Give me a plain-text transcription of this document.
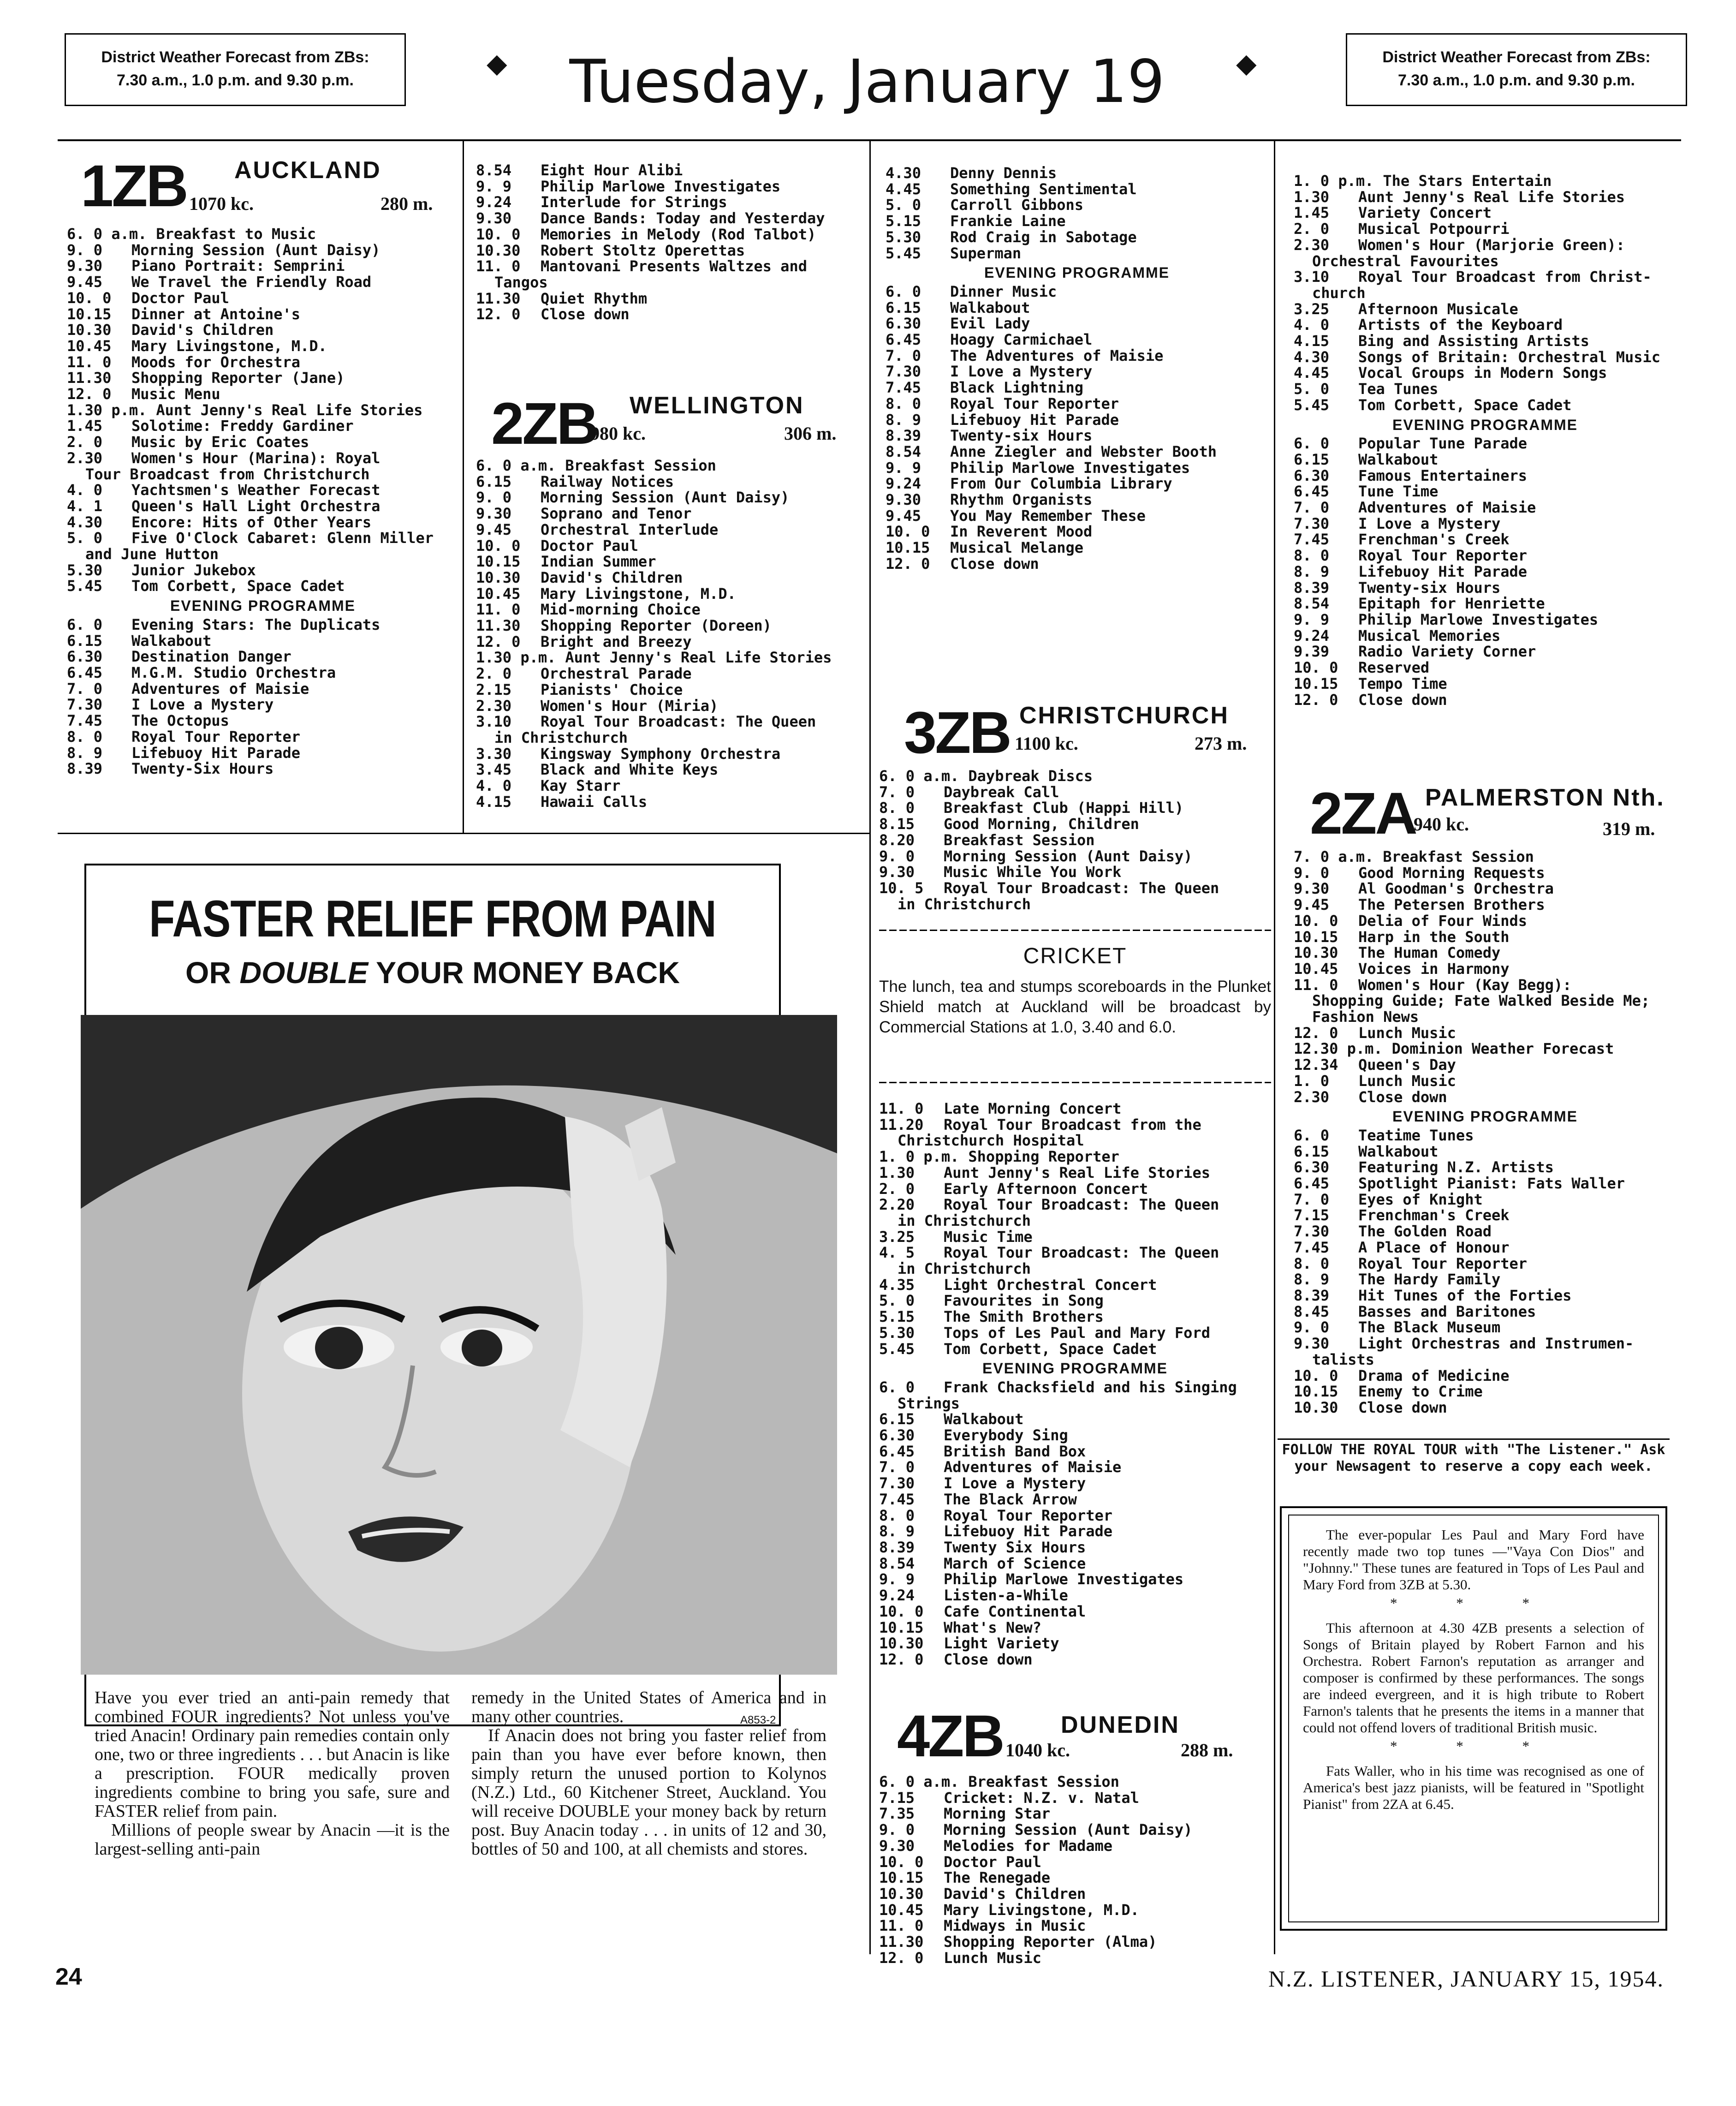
District Weather Forecast from ZBs:
7.30 a.m., 1.0 p.m. and 9.30 p.m.
◆	Tuesday, January 19	◆	District Weather Forecast from ZBs:
7.30 a.m., 1.0 p.m. and 9.30 p.m.
1ZB AUCKLAND
1070 kc.	280 m.
6. 0 a.m. Breakfast to Music
9. 0	Morning Session (Aunt Daisy)
9.30	Piano Portrait: Semprini
9.45	We Travel the Friendly Road
10. 0	Doctor Paul
10.15	Dinner at Antoine's
10.30	David's Children
10.45	Mary Livingstone, M.D.
11. 0	Moods for Orchestra
11.30	Shopping Reporter (Jane)
12. 0	Music Menu
1.30 p.m. Aunt Jenny's Real Life Stories
1.45	Solotime: Freddy Gardiner
2. 0	Music by Eric Coates
2.30	Women's Hour (Marina): Royal
Tour Broadcast from Christchurch
4. 0	Yachtsmen's Weather Forecast
4. 1	Queen's Hall Light Orchestra
4.30	Encore: Hits of Other Years
5. 0	Five O'Clock Cabaret: Glenn Miller
and June Hutton
5.30	Junior Jukebox
5.45	Tom Corbett, Space Cadet
EVENING PROGRAMME
6. 0	Evening Stars: The Duplicats
6.15	Walkabout
6.30	Destination Danger
6.45	M.G.M. Studio Orchestra
7. 0	Adventures of Maisie
7.30	I Love a Mystery
7.45	The Octopus
8. 0	Royal Tour Reporter
8. 9	Lifebuoy Hit Parade
8.39	Twenty-Six Hours
8.54	Eight Hour Alibi
9. 9	Philip Marlowe Investigates
9.24	Interlude for Strings
9.30	Dance Bands: Today and Yesterday
10. 0	Memories in Melody (Rod Talbot)
10.30	Robert Stoltz Operettas
11. 0	Mantovani Presents Waltzes and
Tangos
11.30	Quiet Rhythm
12. 0	Close down
2ZB WELLINGTON
980 kc.	306 m.
6. 0 a.m. Breakfast Session
6.15	Railway Notices
9. 0	Morning Session (Aunt Daisy)
9.30	Soprano and Tenor
9.45	Orchestral Interlude
10. 0	Doctor Paul
10.15	Indian Summer
10.30	David's Children
10.45	Mary Livingstone, M.D.
11. 0	Mid-morning Choice
11.30	Shopping Reporter (Doreen)
12. 0	Bright and Breezy
1.30 p.m. Aunt Jenny's Real Life Stories
2. 0	Orchestral Parade
2.15	Pianists' Choice
2.30	Women's Hour (Miria)
3.10	Royal Tour Broadcast: The Queen
in Christchurch
3.30	Kingsway Symphony Orchestra
3.45	Black and White Keys
4. 0	Kay Starr
4.15	Hawaii Calls
4.30	Denny Dennis
4.45	Something Sentimental
5. 0	Carroll Gibbons
5.15	Frankie Laine
5.30	Rod Craig in Sabotage
5.45	Superman
EVENING PROGRAMME
6. 0	Dinner Music
6.15	Walkabout
6.30	Evil Lady
6.45	Hoagy Carmichael
7. 0	The Adventures of Maisie
7.30	I Love a Mystery
7.45	Black Lightning
8. 0	Royal Tour Reporter
8. 9	Lifebuoy Hit Parade
8.39	Twenty-six Hours
8.54	Anne Ziegler and Webster Booth
9. 9	Philip Marlowe Investigates
9.24	From Our Columbia Library
9.30	Rhythm Organists
9.45	You May Remember These
10. 0	In Reverent Mood
10.15	Musical Melange
12. 0	Close down
3ZB CHRISTCHURCH
1100 kc.	273 m.
6. 0 a.m. Daybreak Discs
7. 0	Daybreak Call
8. 0	Breakfast Club (Happi Hill)
8.15	Good Morning, Children
8.20	Breakfast Session
9. 0	Morning Session (Aunt Daisy)
9.30	Music While You Work
10. 5	Royal Tour Broadcast: The Queen
in Christchurch
CRICKET
The lunch, tea and stumps scoreboards in the Plunket Shield match at Auckland will be broadcast by Commercial Stations at 1.0, 3.40 and 6.0.
11. 0	Late Morning Concert
11.20	Royal Tour Broadcast from the
Christchurch Hospital
1. 0 p.m. Shopping Reporter
1.30	Aunt Jenny's Real Life Stories
2. 0	Early Afternoon Concert
2.20	Royal Tour Broadcast: The Queen
in Christchurch
3.25	Music Time
4. 5	Royal Tour Broadcast: The Queen
in Christchurch
4.35	Light Orchestral Concert
5. 0	Favourites in Song
5.15	The Smith Brothers
5.30	Tops of Les Paul and Mary Ford
5.45	Tom Corbett, Space Cadet
EVENING PROGRAMME
6. 0	Frank Chacksfield and his Singing
Strings
6.15	Walkabout
6.30	Everybody Sing
6.45	British Band Box
7. 0	Adventures of Maisie
7.30	I Love a Mystery
7.45	The Black Arrow
8. 0	Royal Tour Reporter
8. 9	Lifebuoy Hit Parade
8.39	Twenty Six Hours
8.54	March of Science
9. 9	Philip Marlowe Investigates
9.24	Listen-a-While
10. 0	Cafe Continental
10.15	What's New?
10.30	Light Variety
12. 0	Close down
4ZB DUNEDIN
1040 kc.	288 m.
6. 0 a.m. Breakfast Session
7.15	Cricket: N.Z. v. Natal
7.35	Morning Star
9. 0	Morning Session (Aunt Daisy)
9.30	Melodies for Madame
10. 0	Doctor Paul
10.15	The Renegade
10.30	David's Children
10.45	Mary Livingstone, M.D.
11. 0	Midways in Music
11.30	Shopping Reporter (Alma)
12. 0	Lunch Music
1. 0 p.m. The Stars Entertain
1.30	Aunt Jenny's Real Life Stories
1.45	Variety Concert
2. 0	Musical Potpourri
2.30	Women's Hour (Marjorie Green):
Orchestral Favourites
3.10	Royal Tour Broadcast from Christ-
church
3.25	Afternoon Musicale
4. 0	Artists of the Keyboard
4.15	Bing and Assisting Artists
4.30	Songs of Britain: Orchestral Music
4.45	Vocal Groups in Modern Songs
5. 0	Tea Tunes
5.45	Tom Corbett, Space Cadet
EVENING PROGRAMME
6. 0	Popular Tune Parade
6.15	Walkabout
6.30	Famous Entertainers
6.45	Tune Time
7. 0	Adventures of Maisie
7.30	I Love a Mystery
7.45	Frenchman's Creek
8. 0	Royal Tour Reporter
8. 9	Lifebuoy Hit Parade
8.39	Twenty-six Hours
8.54	Epitaph for Henriette
9. 9	Philip Marlowe Investigates
9.24	Musical Memories
9.39	Radio Variety Corner
10. 0	Reserved
10.15	Tempo Time
12. 0	Close down
2ZA PALMERSTON Nth.
940 kc.	319 m.
7. 0 a.m. Breakfast Session
9. 0	Good Morning Requests
9.30	Al Goodman's Orchestra
9.45	The Petersen Brothers
10. 0	Delia of Four Winds
10.15	Harp in the South
10.30	The Human Comedy
10.45	Voices in Harmony
11. 0	Women's Hour (Kay Begg):
Shopping Guide; Fate Walked Beside Me;
Fashion News
12. 0	Lunch Music
12.30 p.m. Dominion Weather Forecast
12.34	Queen's Day
1. 0	Lunch Music
2.30	Close down
EVENING PROGRAMME
6. 0	Teatime Tunes
6.15	Walkabout
6.30	Featuring N.Z. Artists
6.45	Spotlight Pianist: Fats Waller
7. 0	Eyes of Knight
7.15	Frenchman's Creek
7.30	The Golden Road
7.45	A Place of Honour
8. 0	Royal Tour Reporter
8. 9	The Hardy Family
8.39	Hit Tunes of the Forties
8.45	Basses and Baritones
9. 0	The Black Museum
9.30	Light Orchestras and Instrumen-
talists
10. 0	Drama of Medicine
10.15	Enemy to Crime
10.30	Close down
FOLLOW THE ROYAL TOUR with "The Listener." Ask your Newsagent to reserve a copy each week.

The ever-popular Les Paul and Mary Ford have recently made two top tunes —"Vaya Con Dios" and "Johnny." These tunes are featured in Tops of Les Paul and Mary Ford from 3ZB at 5.30.

* * *

This afternoon at 4.30 4ZB presents a selection of Songs of Britain played by Robert Farnon and his Orchestra. Robert Farnon's reputation as arranger and composer is confirmed by these performances. The songs are indeed evergreen, and it is high tribute to Robert Farnon's talents that he presents the items in a manner that could not offend lovers of traditional British music.

* * *

Fats Waller, who in his time was recognised as one of America's best jazz pianists, will be featured in "Spotlight Pianist" from 2ZA at 6.45.

FASTER RELIEF FROM PAIN
OR DOUBLE YOUR MONEY BACK
Have you ever tried an anti-pain remedy that combined FOUR ingredients? Not unless you've tried Anacin! Ordinary pain remedies contain only one, two or three ingredients . . . but Anacin is like a prescription. FOUR medically proven ingredients combine to bring you safe, sure and FASTER relief from pain.
Millions of people swear by Anacin —it is the largest-selling anti-pain
remedy in the United States of America and in many other countries.
If Anacin does not bring you faster relief from pain than you have ever before known, then simply return the unused portion to Kolynos (N.Z.) Ltd., 60 Kitchener Street, Auckland. You will receive DOUBLE your money back by return post. Buy Anacin today . . . in units of 12 and 30, bottles of 50 and 100, at all chemists and stores.
A853-2
24	N.Z. LISTENER, JANUARY 15, 1954.
